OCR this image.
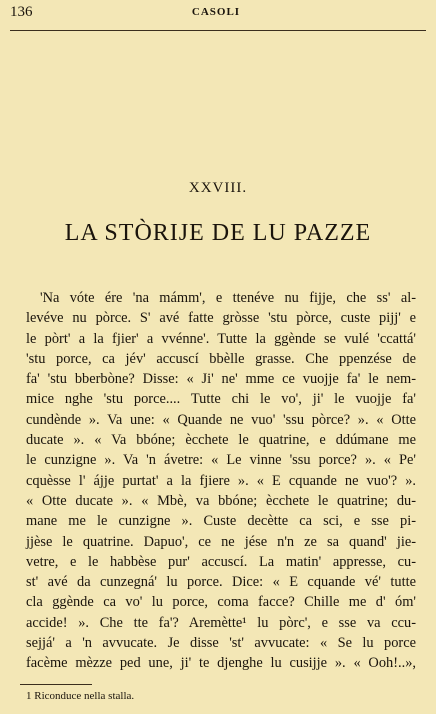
136	CASOLI
XXVIII.
LA STÒRIJE DE LU PAZZE
'Na vóte ére 'na mámm', e ttenéve nu fijje, che ss' al-
levéve nu pòrce. S' avé fatte gròsse 'stu pòrce, custe pijj' e
le pòrt' a la fjier' a vvénne'. Tutte la ggènde se vulé 'ccattá'
'stu porce, ca jév' accuscí bbèlle grasse. Che ppenzése de
fa' 'stu bberbòne? Disse: « Ji' ne' mme ce vuojje fa' le nem-
mice nghe 'stu porce.... Tutte chi le vo', ji' le vuojje fa'
cundènde ». Va une: « Quande ne vuo' 'ssu pòrce? ». « Otte
ducate ». « Va bbóne; ècchete le quatrine, e ddúmane me
le cunzigne ». Va 'n ávetre: « Le vinne 'ssu porce? ». « Pe'
cquèsse l' ájje purtat' a la fjiere ». « E cquande ne vuo'? ».
« Otte ducate ». « Mbè, va bbóne; ècchete le quatrine; du-
mane me le cunzigne ». Custe decètte ca sci, e sse pi-
jjèse le quatrine. Dapuo', ce ne jése n'n ze sa quand' jie-
vetre, e le habbèse pur' accuscí. La matin' appresse, cu-
st' avé da cunzegná' lu porce. Dice: « E cquande vé' tutte
cla ggènde ca vo' lu porce, coma facce? Chille me d' óm'
accide! ». Che tte fa'? Aremètte¹ lu pòrc', e sse va ccu-
sejjá' a 'n avvucate. Je disse 'st' avvucate: « Se lu porce
facème mèzze ped une, ji' te djenghe lu cusijje ». « Ooh!..»,
1 Riconduce nella stalla.
